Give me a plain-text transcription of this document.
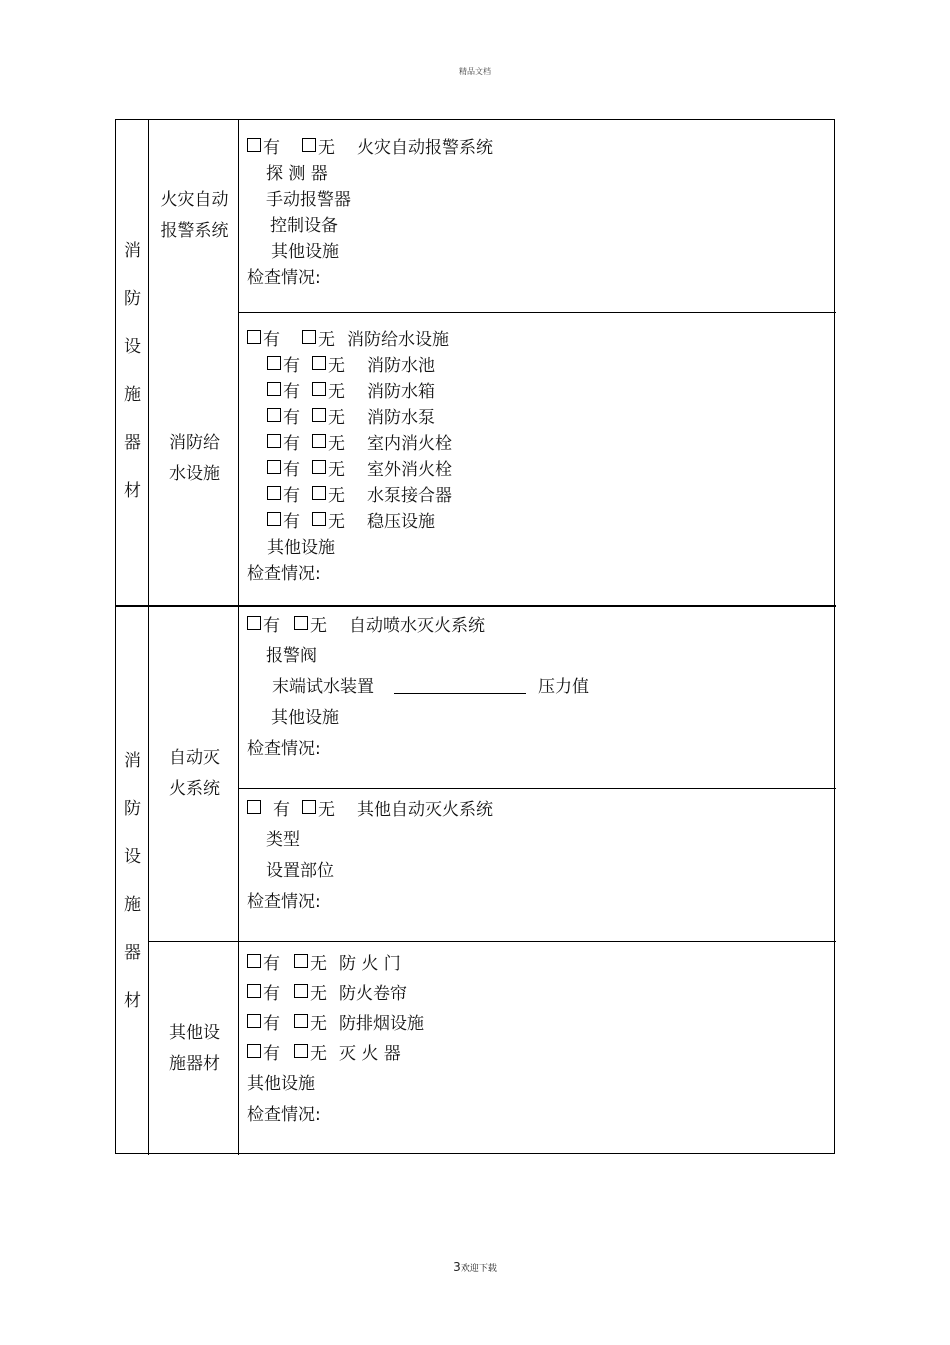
精品文档
消
防
设
施
器
材
火灾自动
报警系统
有 无 火灾自动报警系统
探 测 器
手动报警器
控制设备
其他设施
检查情况:
消防给
水设施
有 无 消防给水设施
有 无 消防水池
有 无 消防水箱
有 无 消防水泵
有 无 室内消火栓
有 无 室外消火栓
有 无 水泵接合器
有 无 稳压设施
其他设施
检查情况:
消
防
设
施
器
材
自动灭
火系统
有 无 自动喷水灭火系统
报警阀
末端试水装置	压力值
其他设施
检查情况:
有 无 其他自动灭火系统
类型
设置部位
检查情况:
其他设
施器材
有 无 防 火 门
有 无 防火卷帘
有 无 防排烟设施
有 无 灭 火 器
其他设施
检查情况:
3欢迎下载
